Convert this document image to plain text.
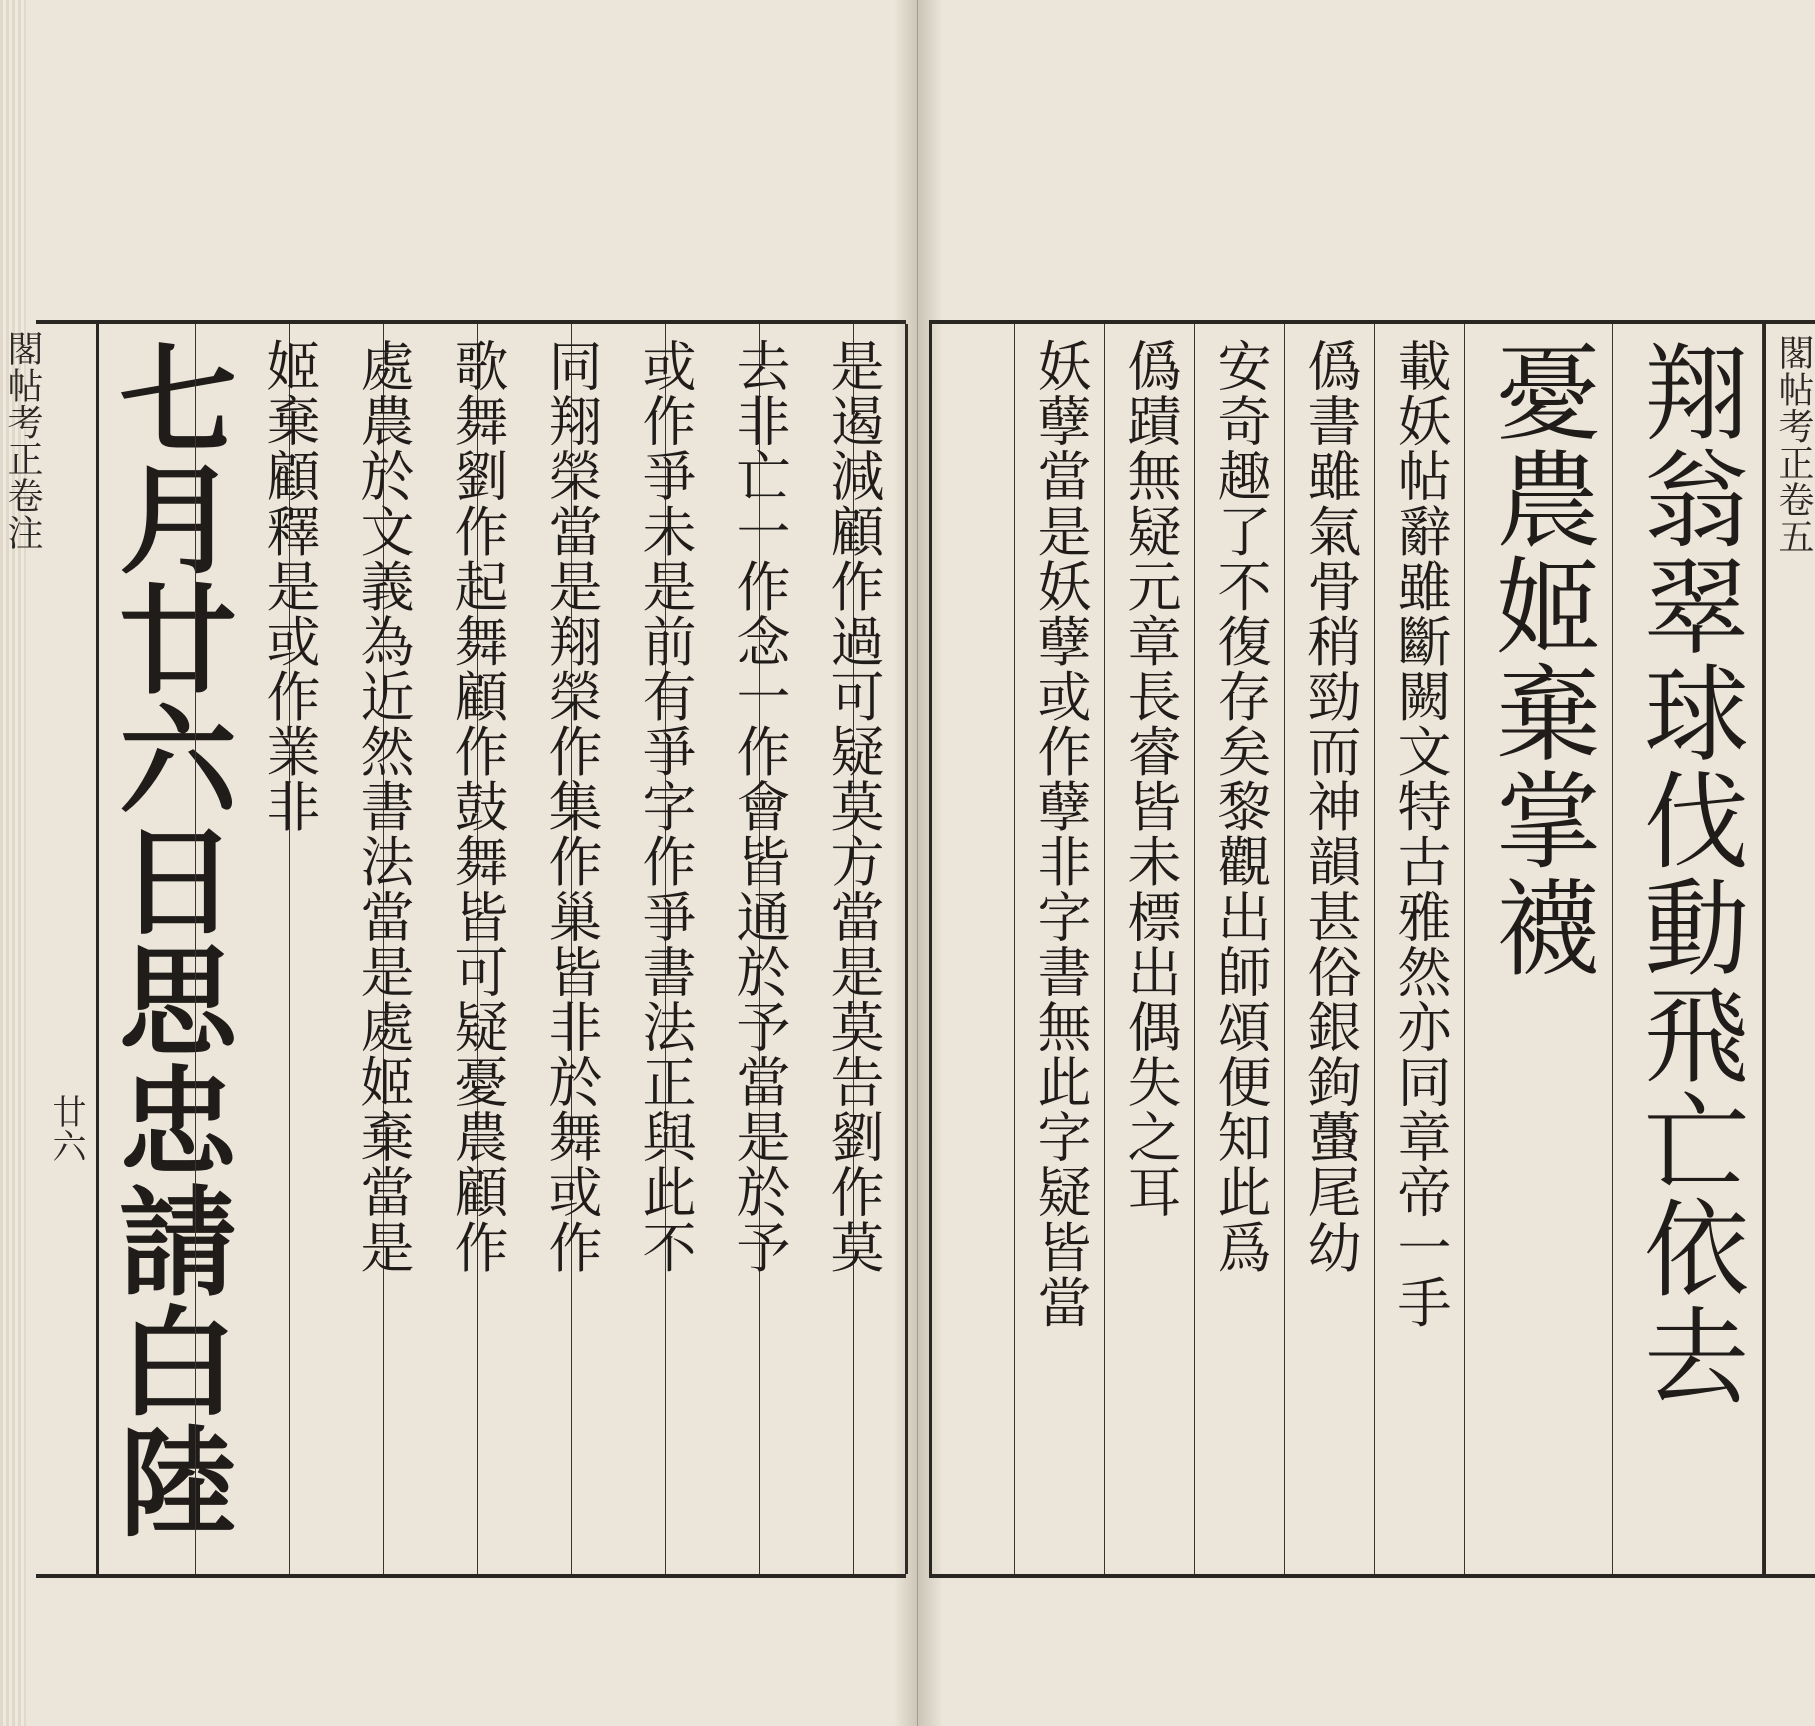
閣帖考正卷注
廿六 七月廿六日思忠請白陸	是遏減顧作過可疑莫方當是莫告劉作莫
去非亡一作念一作會皆通於予當是於予
或作爭未是前有爭字作爭書法正與此不
同翔榮當是翔榮作集作巢皆非於舞或作
歌舞劉作起舞顧作鼓舞皆可疑憂農顧作
處農於文義為近然書法當是處姬棄當是
姬棄顧釋是或作業非	載妖帖辭雖斷闕文特古雅然亦同章帝一手
僞書雖氣骨稍勁而神韻甚俗銀鉤蠆尾幼
安奇趣了不復存矣黎觀出師頌便知此爲
僞蹟無疑元章長睿皆未標出偶失之耳
妖孽當是妖孽或作孽非字書無此字疑皆當	翔翁翠球伐動飛亡依去
憂農姬棄掌襪	閣帖考正卷五
